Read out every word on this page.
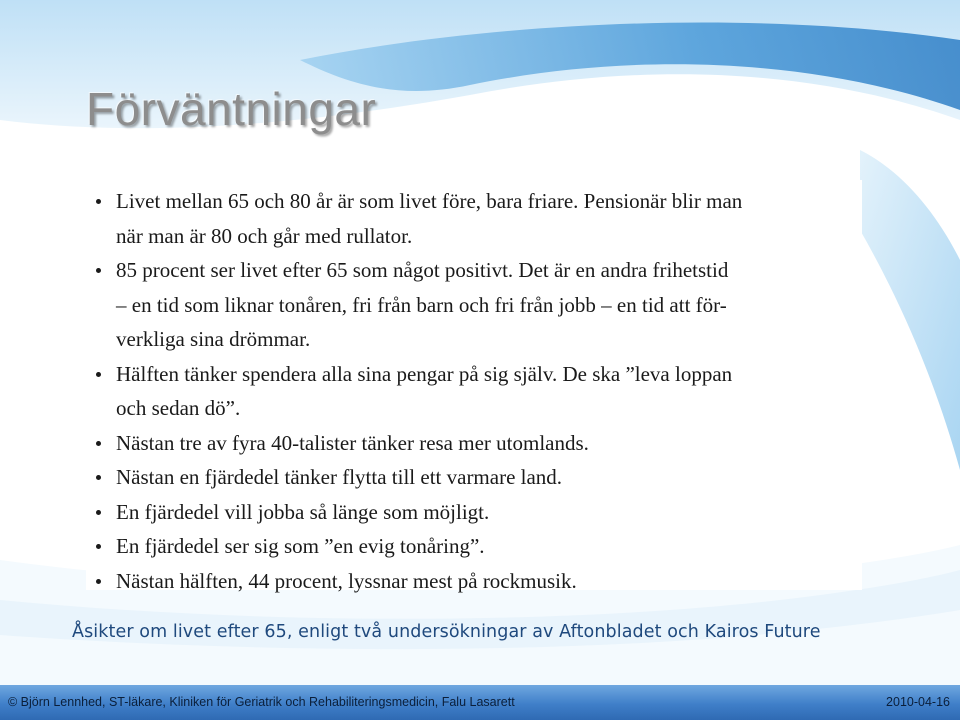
Förväntningar
Livet mellan 65 och 80 år är som livet före, bara friare. Pensionär blir man
när man är 80 och går med rullator.
85 procent ser livet efter 65 som något positivt. Det är en andra frihetstid
– en tid som liknar tonåren, fri från barn och fri från jobb – en tid att för-
verkliga sina drömmar.
Hälften tänker spendera alla sina pengar på sig själv. De ska ”leva loppan
och sedan dö”.
Nästan tre av fyra 40-talister tänker resa mer utomlands.
Nästan en fjärdedel tänker flytta till ett varmare land.
En fjärdedel vill jobba så länge som möjligt.
En fjärdedel ser sig som ”en evig tonåring”.
Nästan hälften, 44 procent, lyssnar mest på rockmusik.
Åsikter om livet efter 65, enligt två undersökningar av Aftonbladet och Kairos Future
© Björn Lennhed, ST-läkare, Kliniken för Geriatrik och Rehabiliteringsmedicin, Falu Lasarett	2010-04-16
